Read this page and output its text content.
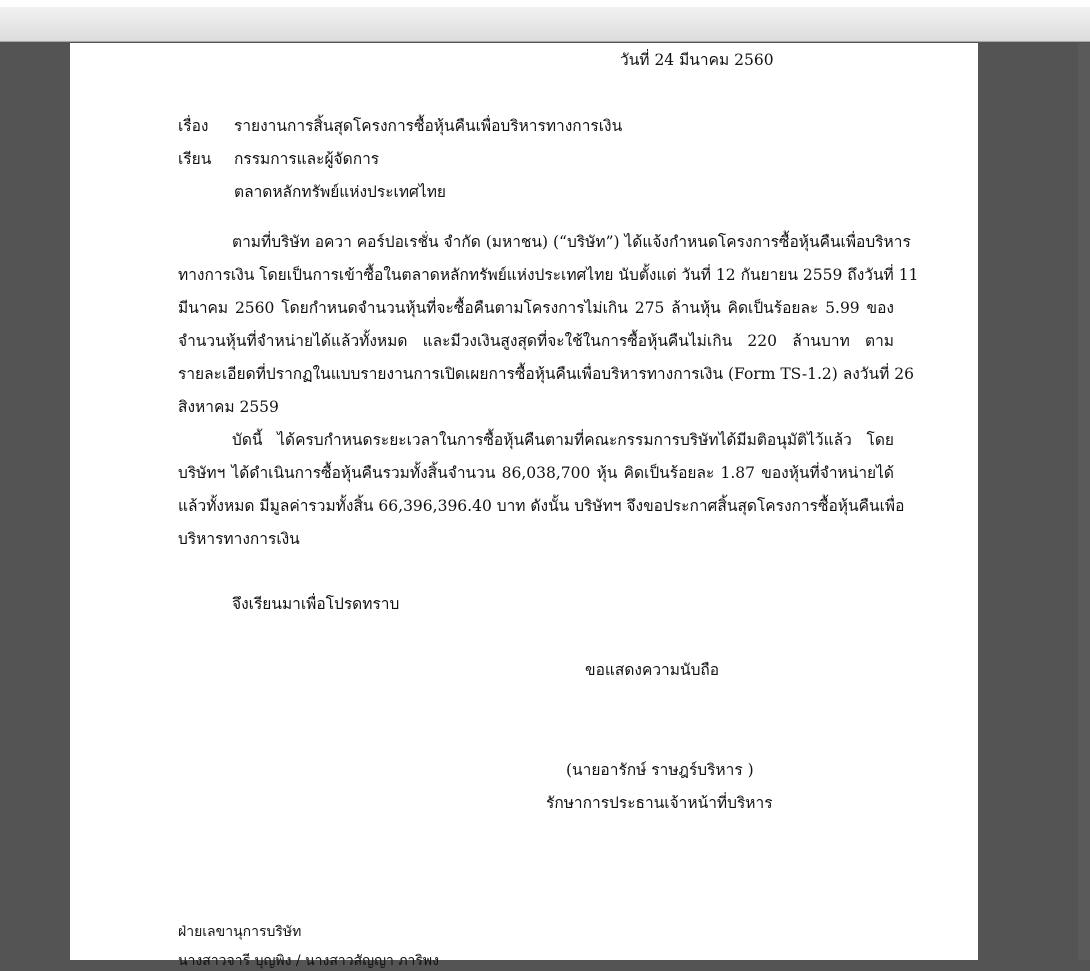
วันที่ 24 มีนาคม 2560
เรื่อง รายงานการสิ้นสุดโครงการซื้อหุ้นคืนเพื่อบริหารทางการเงิน
เรียน กรรมการและผู้จัดการ
ตลาดหลักทรัพย์แห่งประเทศไทย
ตามที่บริษัท อควา คอร์ปอเรชั่น จำกัด (มหาชน) (“บริษัท”) ได้แจ้งกำหนดโครงการซื้อหุ้นคืนเพื่อบริหาร
ทางการเงิน โดยเป็นการเข้าซื้อในตลาดหลักทรัพย์แห่งประเทศไทย นับตั้งแต่ วันที่ 12 กันยายน 2559 ถึงวันที่ 11
มีนาคม 2560 โดยกำหนดจำนวนหุ้นที่จะซื้อคืนตามโครงการไม่เกิน 275 ล้านหุ้น คิดเป็นร้อยละ 5.99 ของ
จำนวนหุ้นที่จำหน่ายได้แล้วทั้งหมด และมีวงเงินสูงสุดที่จะใช้ในการซื้อหุ้นคืนไม่เกิน 220 ล้านบาท ตาม
รายละเอียดที่ปรากฏในแบบรายงานการเปิดเผยการซื้อหุ้นคืนเพื่อบริหารทางการเงิน (Form TS-1.2) ลงวันที่ 26
สิงหาคม 2559
บัดนี้ ได้ครบกำหนดระยะเวลาในการซื้อหุ้นคืนตามที่คณะกรรมการบริษัทได้มีมติอนุมัติไว้แล้ว โดย
บริษัทฯ ได้ดำเนินการซื้อหุ้นคืนรวมทั้งสิ้นจำนวน 86,038,700 หุ้น คิดเป็นร้อยละ 1.87 ของหุ้นที่จำหน่ายได้
แล้วทั้งหมด มีมูลค่ารวมทั้งสิ้น 66,396,396.40 บาท ดังนั้น บริษัทฯ จึงขอประกาศสิ้นสุดโครงการซื้อหุ้นคืนเพื่อ
บริหารทางการเงิน
จึงเรียนมาเพื่อโปรดทราบ
ขอแสดงความนับถือ
(นายอารักษ์ ราษฎร์บริหาร )
รักษาการประธานเจ้าหน้าที่บริหาร
ฝ่ายเลขานุการบริษัท
นางสาวจารี บุญพิง / นางสาวสัญญา ภาริพง
